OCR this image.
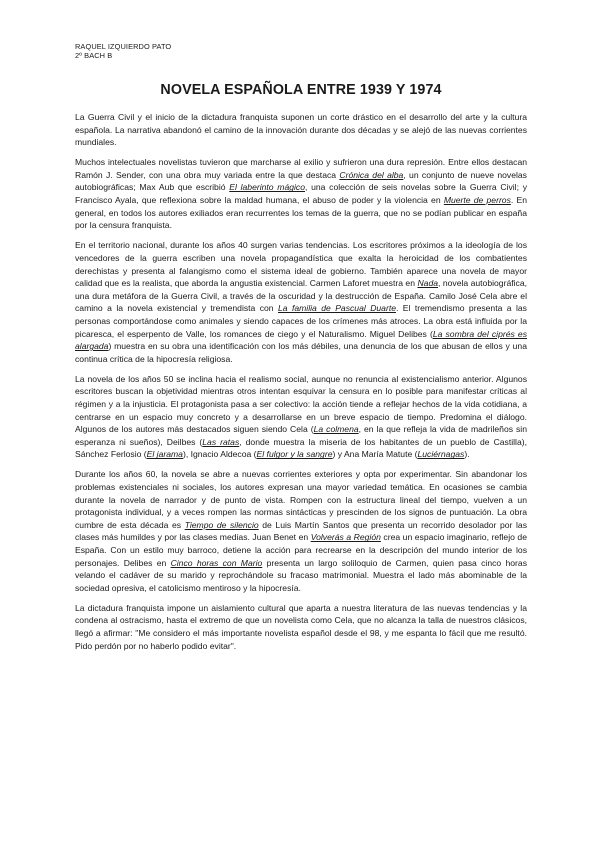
RAQUEL IZQUIERDO PATO
2º BACH B
NOVELA ESPAÑOLA ENTRE 1939 Y 1974

La Guerra Civil y el inicio de la dictadura franquista suponen un corte drástico en el desarrollo del arte y la cultura española. La narrativa abandonó el camino de la innovación durante dos décadas y se alejó de las nuevas corrientes mundiales.

Muchos intelectuales novelistas tuvieron que marcharse al exilio y sufrieron una dura represión. Entre ellos destacan Ramón J. Sender, con una obra muy variada entre la que destaca Crónica del alba, un conjunto de nueve novelas autobiográficas; Max Aub que escribió El laberinto mágico, una colección de seis novelas sobre la Guerra Civil; y Francisco Ayala, que reflexiona sobre la maldad humana, el abuso de poder y la violencia en Muerte de perros. En general, en todos los autores exiliados eran recurrentes los temas de la guerra, que no se podían publicar en españa por la censura franquista.

En el territorio nacional, durante los años 40 surgen varias tendencias. Los escritores próximos a la ideología de los vencedores de la guerra escriben una novela propagandística que exalta la heroicidad de los combatientes derechistas y presenta al falangismo como el sistema ideal de gobierno. También aparece una novela de mayor calidad que es la realista, que aborda la angustia existencial. Carmen Laforet muestra en Nada, novela autobiográfica, una dura metáfora de la Guerra Civil, a través de la oscuridad y la destrucción de España. Camilo José Cela abre el camino a la novela existencial y tremendista con La familia de Pascual Duarte. El tremendismo presenta a las personas comportándose como animales y siendo capaces de los crímenes más atroces. La obra está influida por la picaresca, el esperpento de Valle, los romances de ciego y el Naturalismo. Miguel Delibes (La sombra del ciprés es alargada) muestra en su obra una identificación con los más débiles, una denuncia de los que abusan de ellos y una continua crítica de la hipocresía religiosa.

La novela de los años 50 se inclina hacia el realismo social, aunque no renuncia al existencialismo anterior. Algunos escritores buscan la objetividad mientras otros intentan esquivar la censura en lo posible para manifestar críticas al régimen y a la injusticia. El protagonista pasa a ser colectivo: la acción tiende a reflejar hechos de la vida cotidiana, a centrarse en un espacio muy concreto y a desarrollarse en un breve espacio de tiempo. Predomina el diálogo. Algunos de los autores más destacados siguen siendo Cela (La colmena, en la que refleja la vida de madrileños sin esperanza ni sueños), Deilbes (Las ratas, donde muestra la miseria de los habitantes de un pueblo de Castilla), Sánchez Ferlosio (El jarama), Ignacio Aldecoa (El fulgor y la sangre) y Ana María Matute (Luciérnagas).

Durante los años 60, la novela se abre a nuevas corrientes exteriores y opta por experimentar. Sin abandonar los problemas existenciales ni sociales, los autores expresan una mayor variedad temática. En ocasiones se cambia durante la novela de narrador y de punto de vista. Rompen con la estructura lineal del tiempo, vuelven a un protagonista individual, y a veces rompen las normas sintácticas y prescinden de los signos de puntuación. La obra cumbre de esta década es Tiempo de silencio de Luis Martín Santos que presenta un recorrido desolador por las clases más humildes y por las clases medias. Juan Benet en Volverás a Región crea un espacio imaginario, reflejo de España. Con un estilo muy barroco, detiene la acción para recrearse en la descripción del mundo interior de los personajes. Delibes en Cinco horas con Mario presenta un largo soliloquio de Carmen, quien pasa cinco horas velando el cadáver de su marido y reprochándole su fracaso matrimonial. Muestra el lado más abominable de la sociedad opresiva, el catolicismo mentiroso y la hipocresía.

La dictadura franquista impone un aislamiento cultural que aparta a nuestra literatura de las nuevas tendencias y la condena al ostracismo, hasta el extremo de que un novelista como Cela, que no alcanza la talla de nuestros clásicos, llegó a afirmar: "Me considero el más importante novelista español desde el 98, y me espanta lo fácil que me resultó. Pido perdón por no haberlo podido evitar".
